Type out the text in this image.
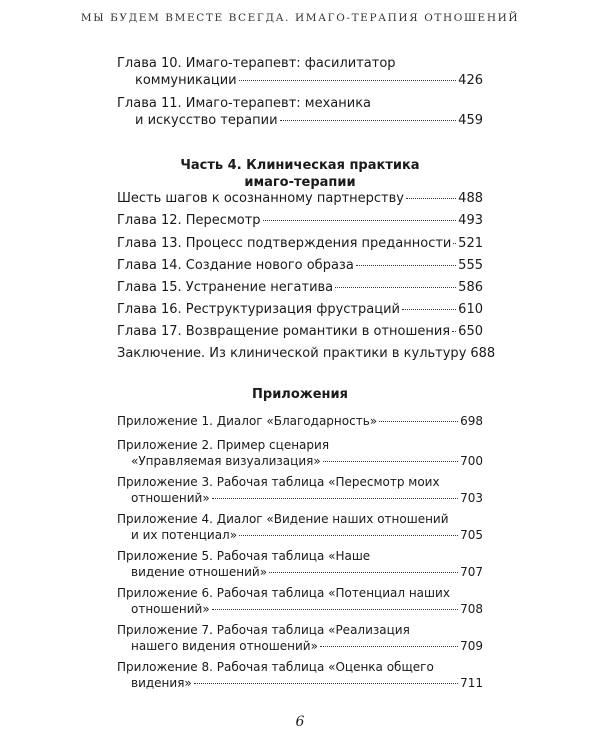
МЫ БУДЕМ ВМЕСТЕ ВСЕГДА. ИМАГО-ТЕРАПИЯ ОТНОШЕНИЙ
Глава 10. Имаго-терапевт: фасилитатор
коммуникации	426
Глава 11. Имаго-терапевт: механика
и искусство терапии	459
Часть 4. Клиническая практика
имаго-терапии
Шесть шагов к осознанному партнерству	488
Глава 12. Пересмотр	493
Глава 13. Процесс подтверждения преданности 521
Глава 14. Создание нового образа	555
Глава 15. Устранение негатива	586
Глава 16. Реструктуризация фрустраций	610
Глава 17. Возвращение романтики в отношения 650
Заключение. Из клинической практики в культуру 688
Приложения
Приложение 1. Диалог «Благодарность»	698
Приложение 2. Пример сценария
«Управляемая визуализация»	700
Приложение 3. Рабочая таблица «Пересмотр моих
отношений»	703
Приложение 4. Диалог «Видение наших отношений
и их потенциал»	705
Приложение 5. Рабочая таблица «Наше
видение отношений»	707
Приложение 6. Рабочая таблица «Потенциал наших
отношений»	708
Приложение 7. Рабочая таблица «Реализация
нашего видения отношений»	709
Приложение 8. Рабочая таблица «Оценка общего
видения»	711
6
